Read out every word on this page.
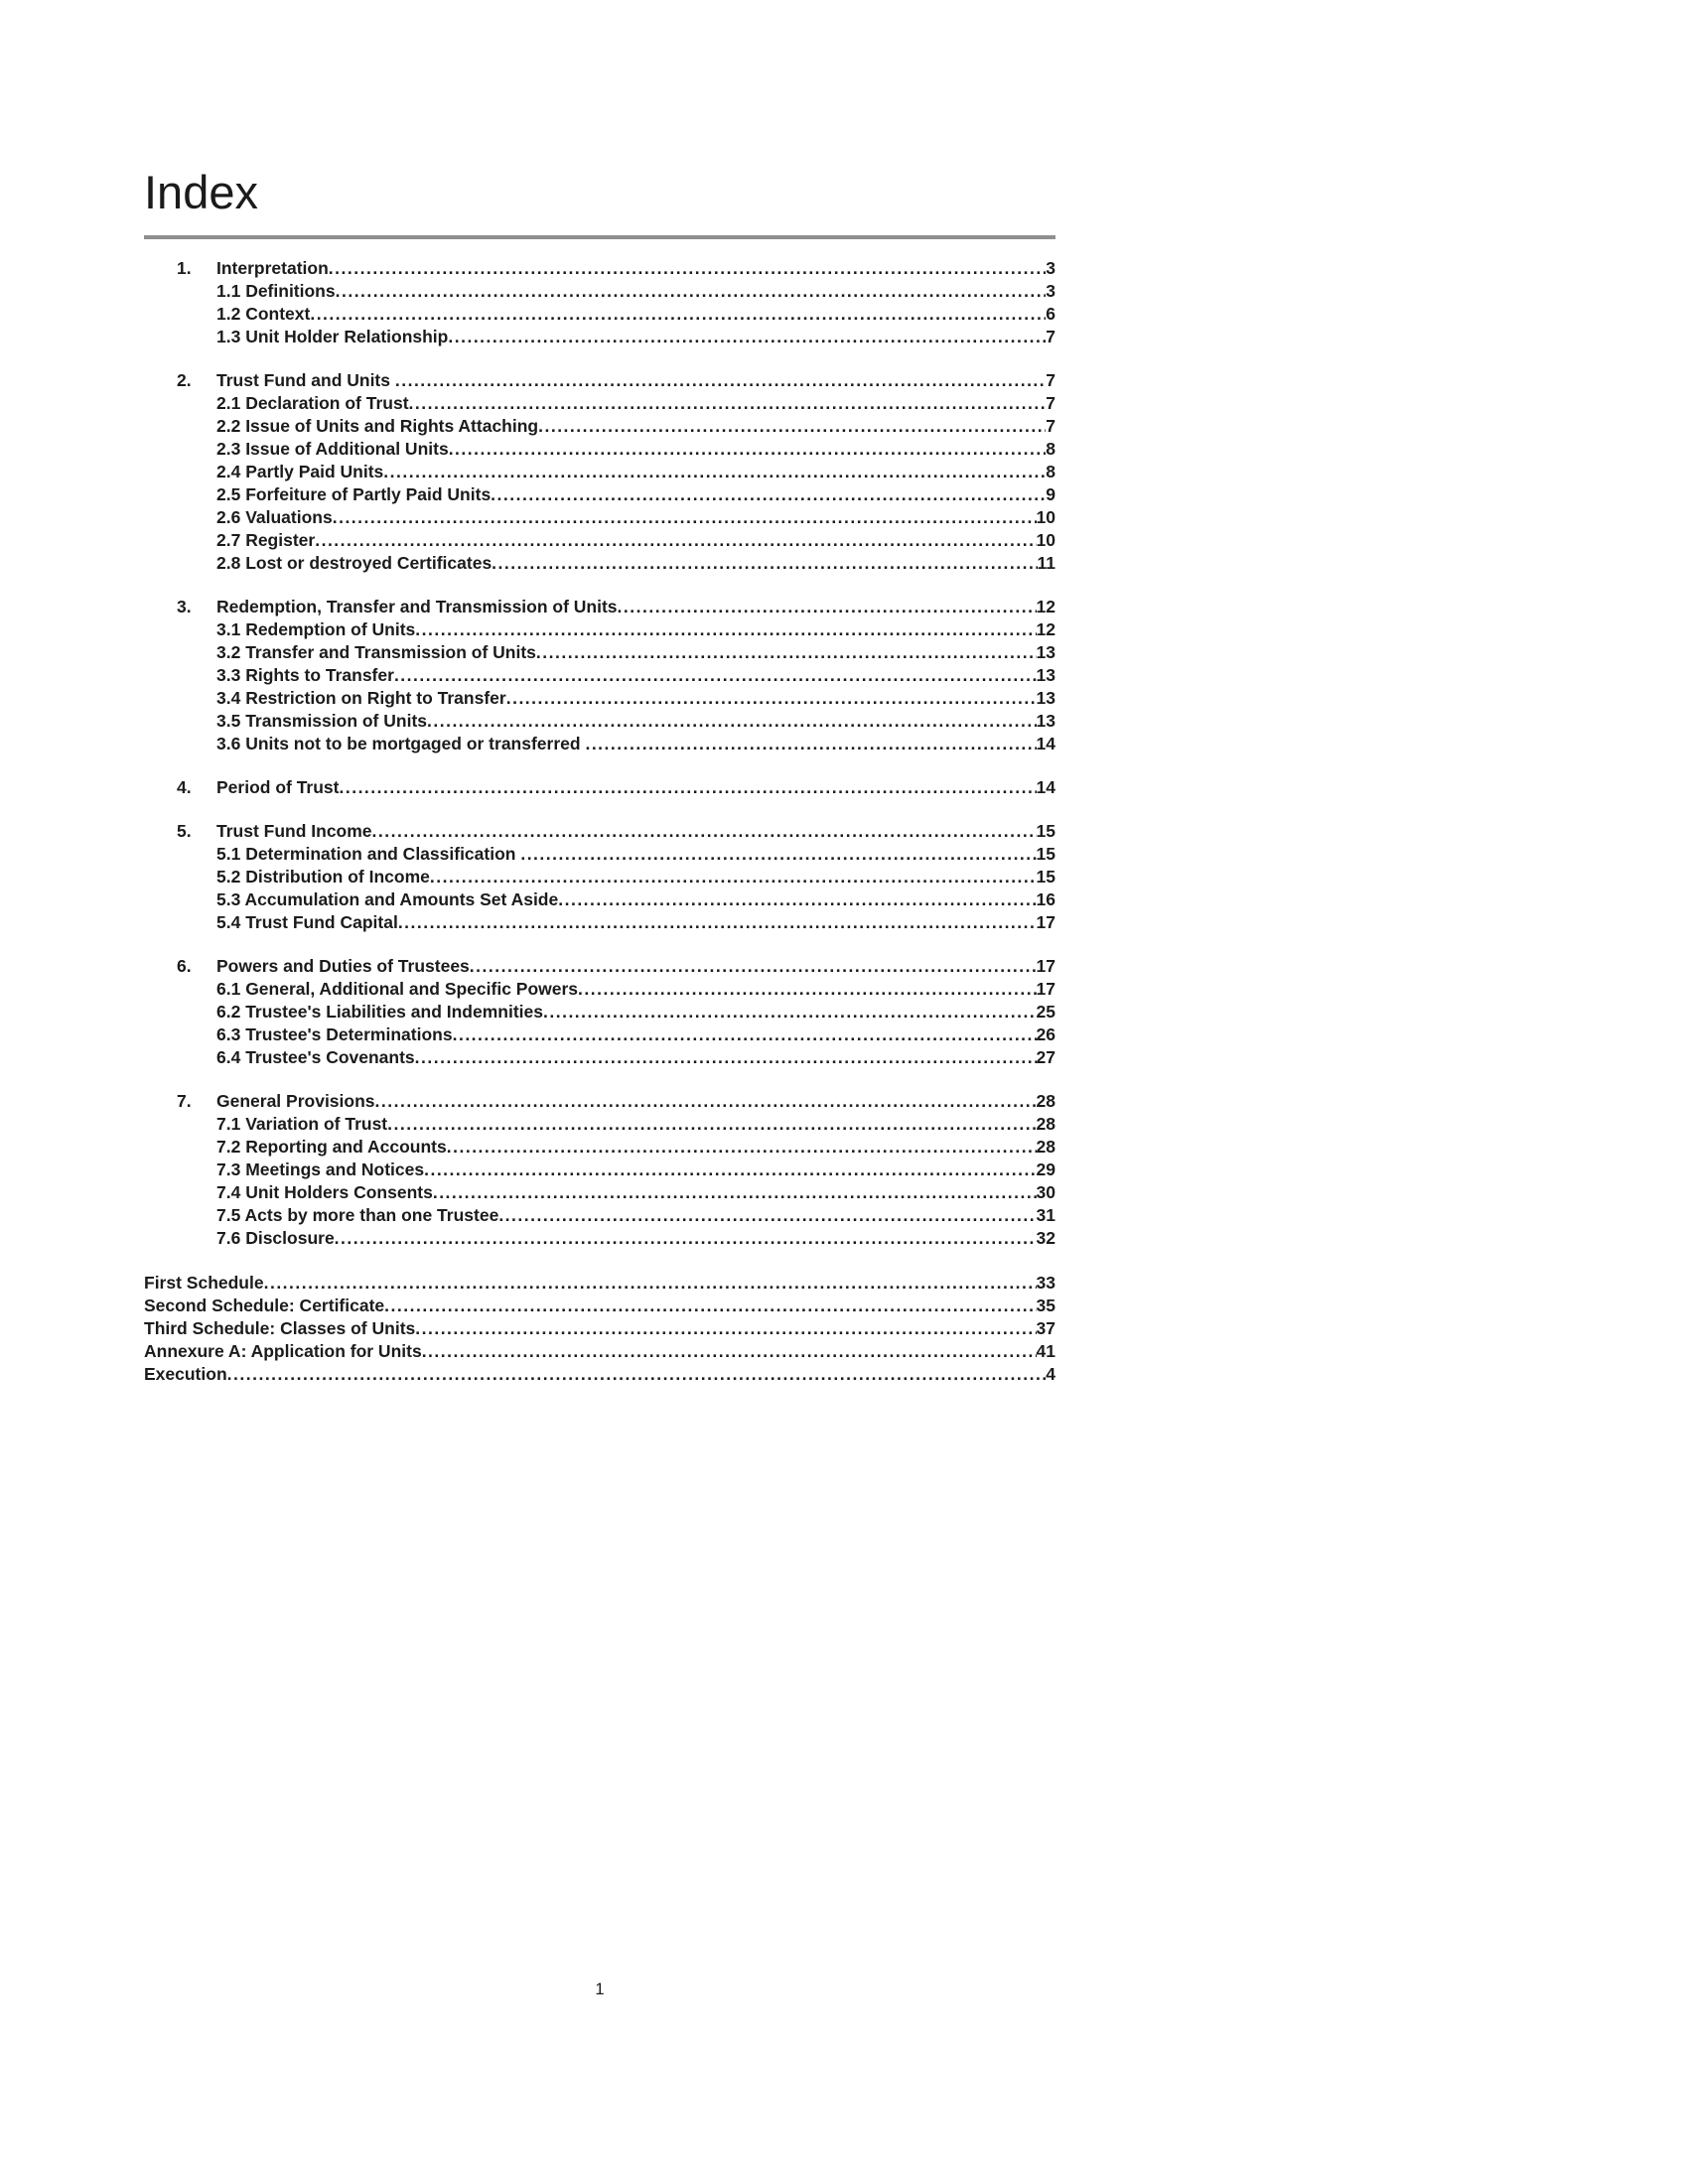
Index
1.	Interpretation .....	3
1.1 Definitions .....	3
1.2 Context .....	6
1.3 Unit Holder Relationship .....	7
2.	Trust Fund and Units .....	7
2.1 Declaration of Trust .....	7
2.2 Issue of Units and Rights Attaching .....	7
2.3 Issue of Additional Units .....	8
2.4 Partly Paid Units .....	8
2.5 Forfeiture of Partly Paid Units .....	9
2.6 Valuations .....	10
2.7 Register .....	10
2.8 Lost or destroyed Certificates .....	11
3.	Redemption, Transfer and Transmission of Units .....	12
3.1 Redemption of Units .....	12
3.2 Transfer and Transmission of Units .....	13
3.3 Rights to Transfer .....	13
3.4 Restriction on Right to Transfer .....	13
3.5 Transmission of Units .....	13
3.6 Units not to be mortgaged or transferred .....	14
4.	Period of Trust .....	14
5.	Trust Fund Income .....	15
5.1 Determination and Classification .....	15
5.2 Distribution of Income .....	15
5.3 Accumulation and Amounts Set Aside .....	16
5.4 Trust Fund Capital .....	17
6.	Powers and Duties of Trustees .....	17
6.1 General, Additional and Specific Powers .....	17
6.2 Trustee's Liabilities and Indemnities .....	25
6.3 Trustee's Determinations .....	26
6.4 Trustee's Covenants .....	27
7.	General Provisions .....	28
7.1 Variation of Trust .....	28
7.2 Reporting and Accounts .....	28
7.3 Meetings and Notices .....	29
7.4 Unit Holders Consents .....	30
7.5 Acts by more than one Trustee .....	31
7.6 Disclosure .....	32
First Schedule .....	33
Second Schedule: Certificate .....	35
Third Schedule: Classes of Units .....	37
Annexure A: Application for Units .....	41
Execution .....	4
1
